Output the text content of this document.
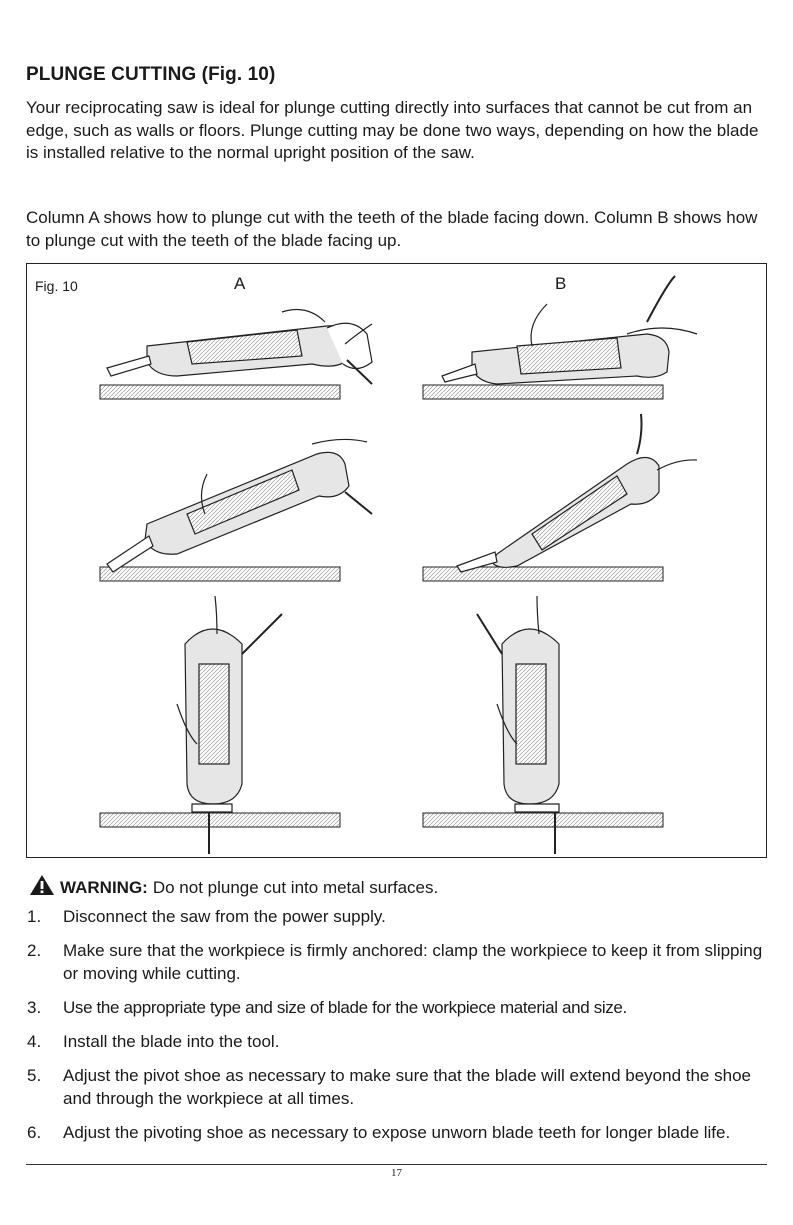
PLUNGE CUTTING (Fig. 10)

Your reciprocating saw is ideal for plunge cutting directly into surfaces that cannot be cut from an edge, such as walls or floors. Plunge cutting may be done two ways, depending on how the blade is installed relative to the normal upright position of the saw.

Column A shows how to plunge cut with the teeth of the blade facing down. Column B shows how to plunge cut with the teeth of the blade facing up.

Fig. 10	A	B
WARNING: Do not plunge cut into metal surfaces.
1.	Disconnect the saw from the power supply.
2.	Make sure that the workpiece is firmly anchored: clamp the workpiece to keep it from slipping or moving while cutting.
3.	Use the appropriate type and size of blade for the workpiece material and size.
4.	Install the blade into the tool.
5.	Adjust the pivot shoe as necessary to make sure that the blade will extend beyond the shoe and through the workpiece at all times.
6.	Adjust the pivoting shoe as necessary to expose unworn blade teeth for longer blade life.
17
